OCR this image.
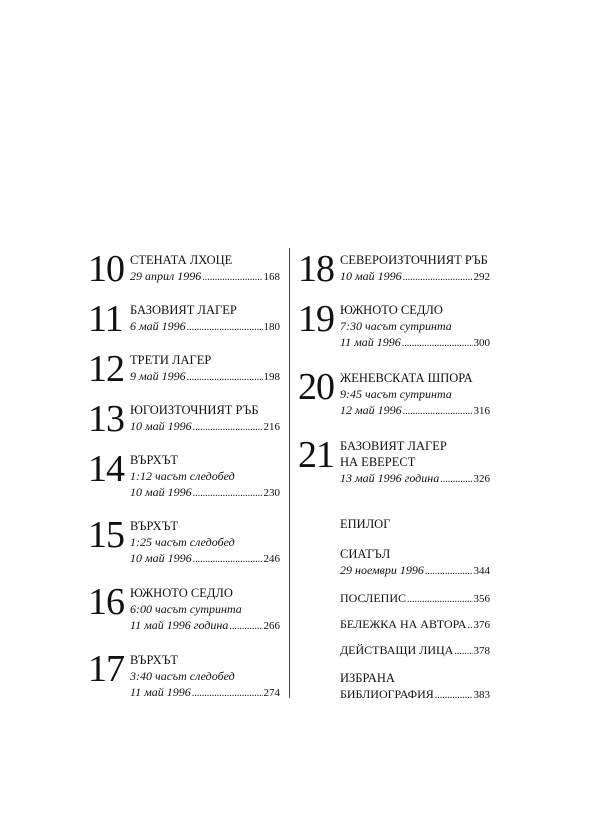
10 СТЕНАТА ЛХОЦЕ
29 април 1996 .....	168
11 БАЗОВИЯТ ЛАГЕР
6 май 1996 .....	180
12 ТРЕТИ ЛАГЕР
9 май 1996 .....	198
13 ЮГОИЗТОЧНИЯТ РЪБ
10 май 1996 .....	216
14 ВЪРХЪТ
1:12 часът следобед
10 май 1996 .....	230
15 ВЪРХЪТ
1:25 часът следобед
10 май 1996 .....	246
16 ЮЖНОТО СЕДЛО
6:00 часът сутринта
11 май 1996 година .....	266
17 ВЪРХЪТ
3:40 часът следобед
11 май 1996 .....	274
18 СЕВЕРОИЗТОЧНИЯТ РЪБ
10 май 1996 .....	292
19 ЮЖНОТО СЕДЛО
7:30 часът сутринта
11 май 1996 .....	300
20 ЖЕНЕВСКАТА ШПОРА
9:45 часът сутринта
12 май 1996 .....	316
21 БАЗОВИЯТ ЛАГЕР
НА ЕВЕРЕСТ
13 май 1996 година .....	326
ЕПИЛОГ
СИАТЪЛ
29 ноември 1996 .....	344
ПОСЛЕПИС .....	356
БЕЛЕЖКА НА АВТОРА ..... 376
ДЕЙСТВАЩИ ЛИЦА ..... 378
ИЗБРАНА
БИБЛИОГРАФИЯ .....	383
